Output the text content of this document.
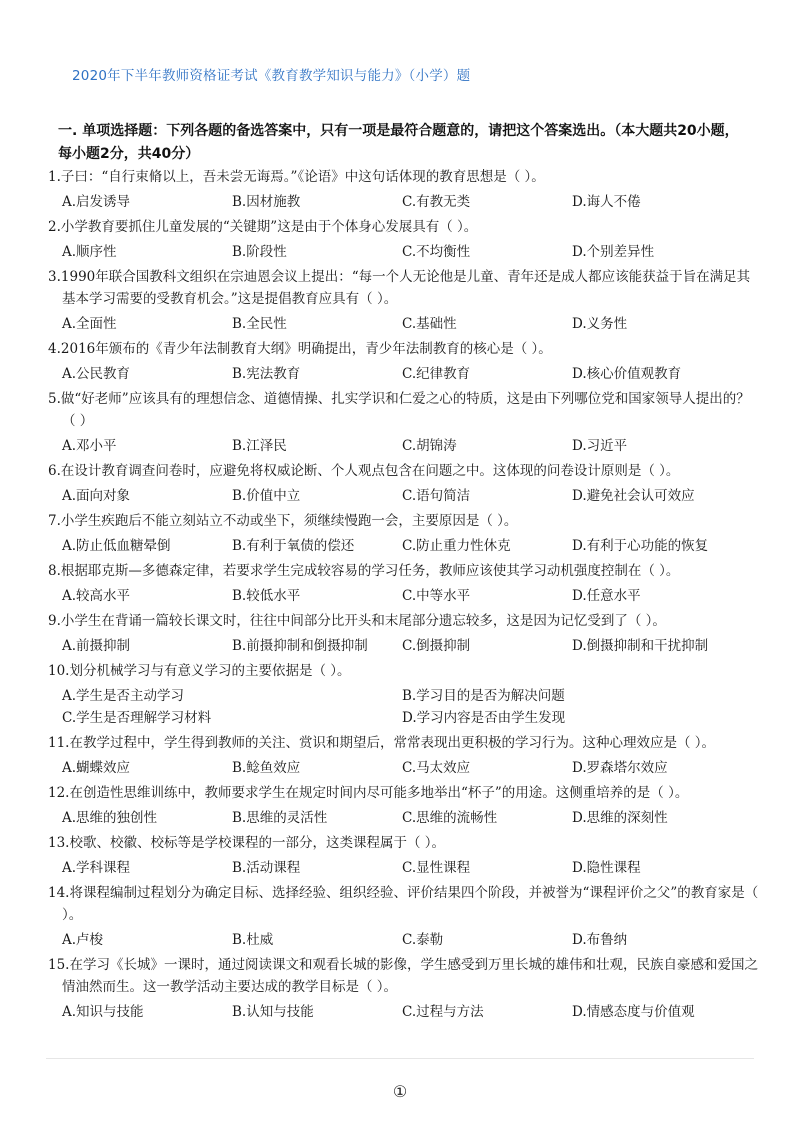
2020年下半年教师资格证考试《教育教学知识与能力》（小学）题
一. 单项选择题：下列各题的备选答案中，只有一项是最符合题意的，请把这个答案选出。（本大题共20小题，每小题2分，共40分）
1.子曰：“自行束脩以上，吾未尝无诲焉。”《论语》中这句话体现的教育思想是（ ）。
A.启发诱导	B.因材施教	C.有教无类	D.诲人不倦
2.小学教育要抓住儿童发展的“关键期”这是由于个体身心发展具有（ ）。
A.顺序性	B.阶段性	C.不均衡性	D.个别差异性
3.1990年联合国教科文组织在宗迪恩会议上提出：“每一个人无论他是儿童、青年还是成人都应该能获益于旨在满足其基本学习需要的受教育机会。”这是提倡教育应具有（ ）。
A.全面性	B.全民性	C.基础性	D.义务性
4.2016年颁布的《青少年法制教育大纲》明确提出，青少年法制教育的核心是（ ）。
A.公民教育	B.宪法教育	C.纪律教育	D.核心价值观教育
5.做“好老师”应该具有的理想信念、道德情操、扎实学识和仁爱之心的特质，这是由下列哪位党和国家领导人提出的？（ ）
A.邓小平	B.江泽民	C.胡锦涛	D.习近平
6.在设计教育调查问卷时，应避免将权威论断、个人观点包含在问题之中。这体现的问卷设计原则是（ ）。
A.面向对象	B.价值中立	C.语句简洁	D.避免社会认可效应
7.小学生疾跑后不能立刻站立不动或坐下，须继续慢跑一会，主要原因是（ ）。
A.防止低血糖晕倒	B.有利于氧债的偿还	C.防止重力性休克	D.有利于心功能的恢复
8.根据耶克斯—多德森定律，若要求学生完成较容易的学习任务，教师应该使其学习动机强度控制在（ ）。
A.较高水平	B.较低水平	C.中等水平	D.任意水平
9.小学生在背诵一篇较长课文时，往往中间部分比开头和末尾部分遗忘较多，这是因为记忆受到了（ ）。
A.前摄抑制	B.前摄抑制和倒摄抑制	C.倒摄抑制	D.倒摄抑制和干扰抑制
10.划分机械学习与有意义学习的主要依据是（ ）。
A.学生是否主动学习	B.学习目的是否为解决问题
C.学生是否理解学习材料	D.学习内容是否由学生发现
11.在教学过程中，学生得到教师的关注、赏识和期望后，常常表现出更积极的学习行为。这种心理效应是（ ）。
A.蝴蝶效应	B.鲶鱼效应	C.马太效应	D.罗森塔尔效应
12.在创造性思维训练中，教师要求学生在规定时间内尽可能多地举出“杯子”的用途。这侧重培养的是（ ）。
A.思维的独创性	B.思维的灵活性	C.思维的流畅性	D.思维的深刻性
13.校歌、校徽、校标等是学校课程的一部分，这类课程属于（ ）。
A.学科课程	B.活动课程	C.显性课程	D.隐性课程
14.将课程编制过程划分为确定目标、选择经验、组织经验、评价结果四个阶段，并被誉为“课程评价之父”的教育家是（ ）。
A.卢梭	B.杜威	C.泰勒	D.布鲁纳
15.在学习《长城》一课时，通过阅读课文和观看长城的影像，学生感受到万里长城的雄伟和壮观，民族自豪感和爱国之情油然而生。这一教学活动主要达成的教学目标是（ ）。
A.知识与技能	B.认知与技能	C.过程与方法	D.情感态度与价值观
①
